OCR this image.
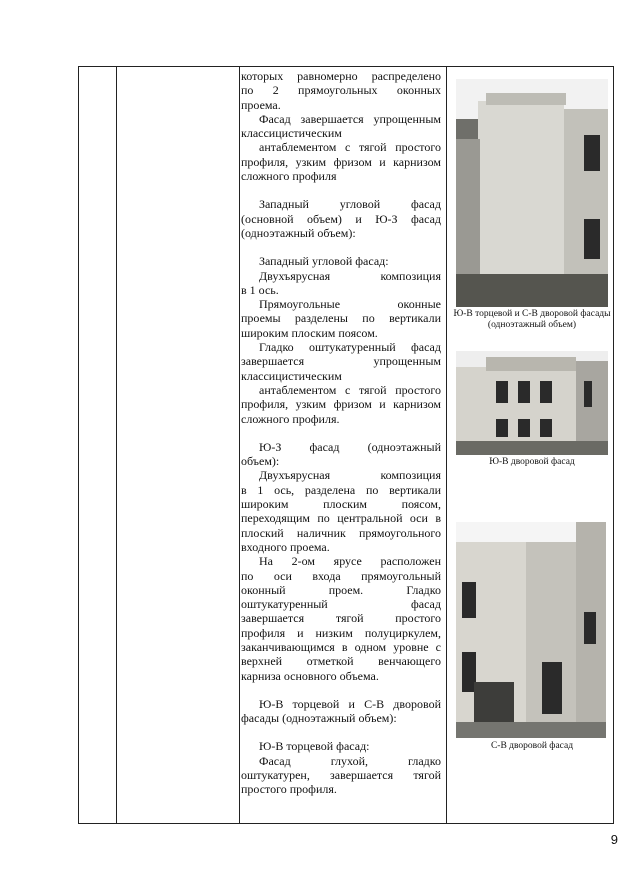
которых равномерно распределено

по 2 прямоугольных оконных

проема.

Фасад завершается упрощенным

классицистическим

антаблементом с тягой простого

профиля, узким фризом и карнизом

сложного профиля

Западный угловой фасад

(основной объем) и Ю-З фасад

(одноэтажный объем):

Западный угловой фасад:

Двухъярусная композиция

в 1 ось.

Прямоугольные оконные

проемы разделены по вертикали

широким плоским поясом.

Гладко оштукатуренный фасад

завершается упрощенным

классицистическим

антаблементом с тягой простого

профиля, узким фризом и карнизом

сложного профиля.

Ю-З фасад (одноэтажный

объем):

Двухъярусная композиция

в 1 ось, разделена по вертикали

широким плоским поясом,

переходящим по центральной оси в

плоский наличник прямоугольного

входного проема.

На 2-ом ярусе расположен

по оси входа прямоугольный

оконный проем. Гладко

оштукатуренный фасад

завершается тягой простого

профиля и низким полуциркулем,

заканчивающимся в одном уровне с

верхней отметкой венчающего

карниза основного объема.

Ю-В торцевой и С-В дворовой

фасады (одноэтажный объем):

Ю-В торцевой фасад:

Фасад глухой, гладко

оштукатурен, завершается тягой

простого профиля.

Ю-В торцевой и С-В дворовой фасады
(одноэтажный объем)
Ю-В дворовой фасад
С-В дворовой фасад
9
